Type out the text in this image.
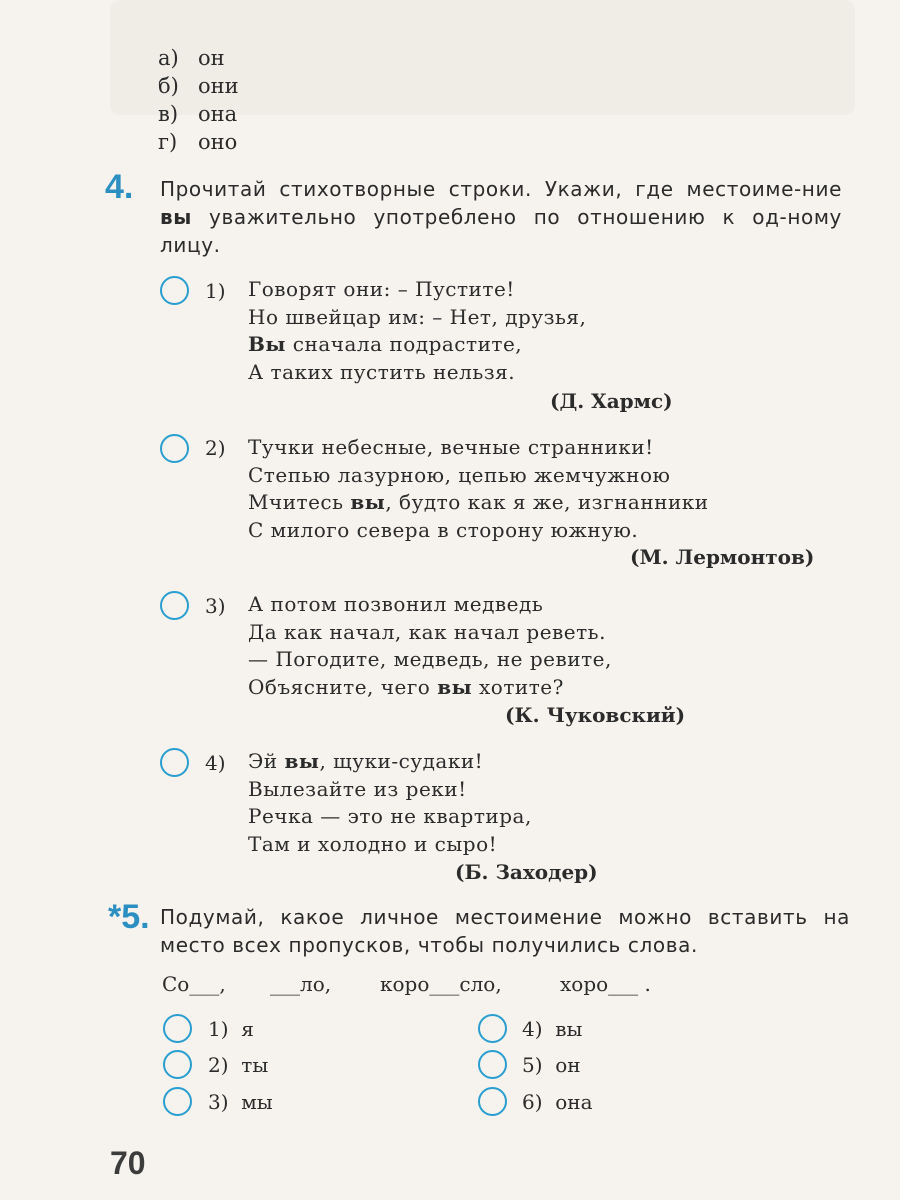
а) он
б) они
в) она
г) оно
4. Прочитай стихотворные строки. Укажи, где местоиме-ние вы уважительно употреблено по отношению к од-ному лицу.
1) Говорят они: – Пустите!
Но швейцар им: – Нет, друзья,
Вы сначала подрастите,
А таких пустить нельзя.
(Д. Хармс)
2) Тучки небесные, вечные странники!
Степью лазурною, цепью жемчужною
Мчитесь вы, будто как я же, изгнанники
С милого севера в сторону южную.
(М. Лермонтов)
3) А потом позвонил медведь
Да как начал, как начал реветь.
— Погодите, медведь, не ревите,
Объясните, чего вы хотите?
(К. Чуковский)
4) Эй вы, щуки-судаки!
Вылезайте из реки!
Речка — это не квартира,
Там и холодно и сыро!
(Б. Заходер)
*5. Подумай, какое личное местоимение можно вставить на место всех пропусков, чтобы получились слова.
Со___, ___ло, коро___сло,	хоро___ .
1) я
2) ты
3) мы
4) вы
5) он
6) она
70
